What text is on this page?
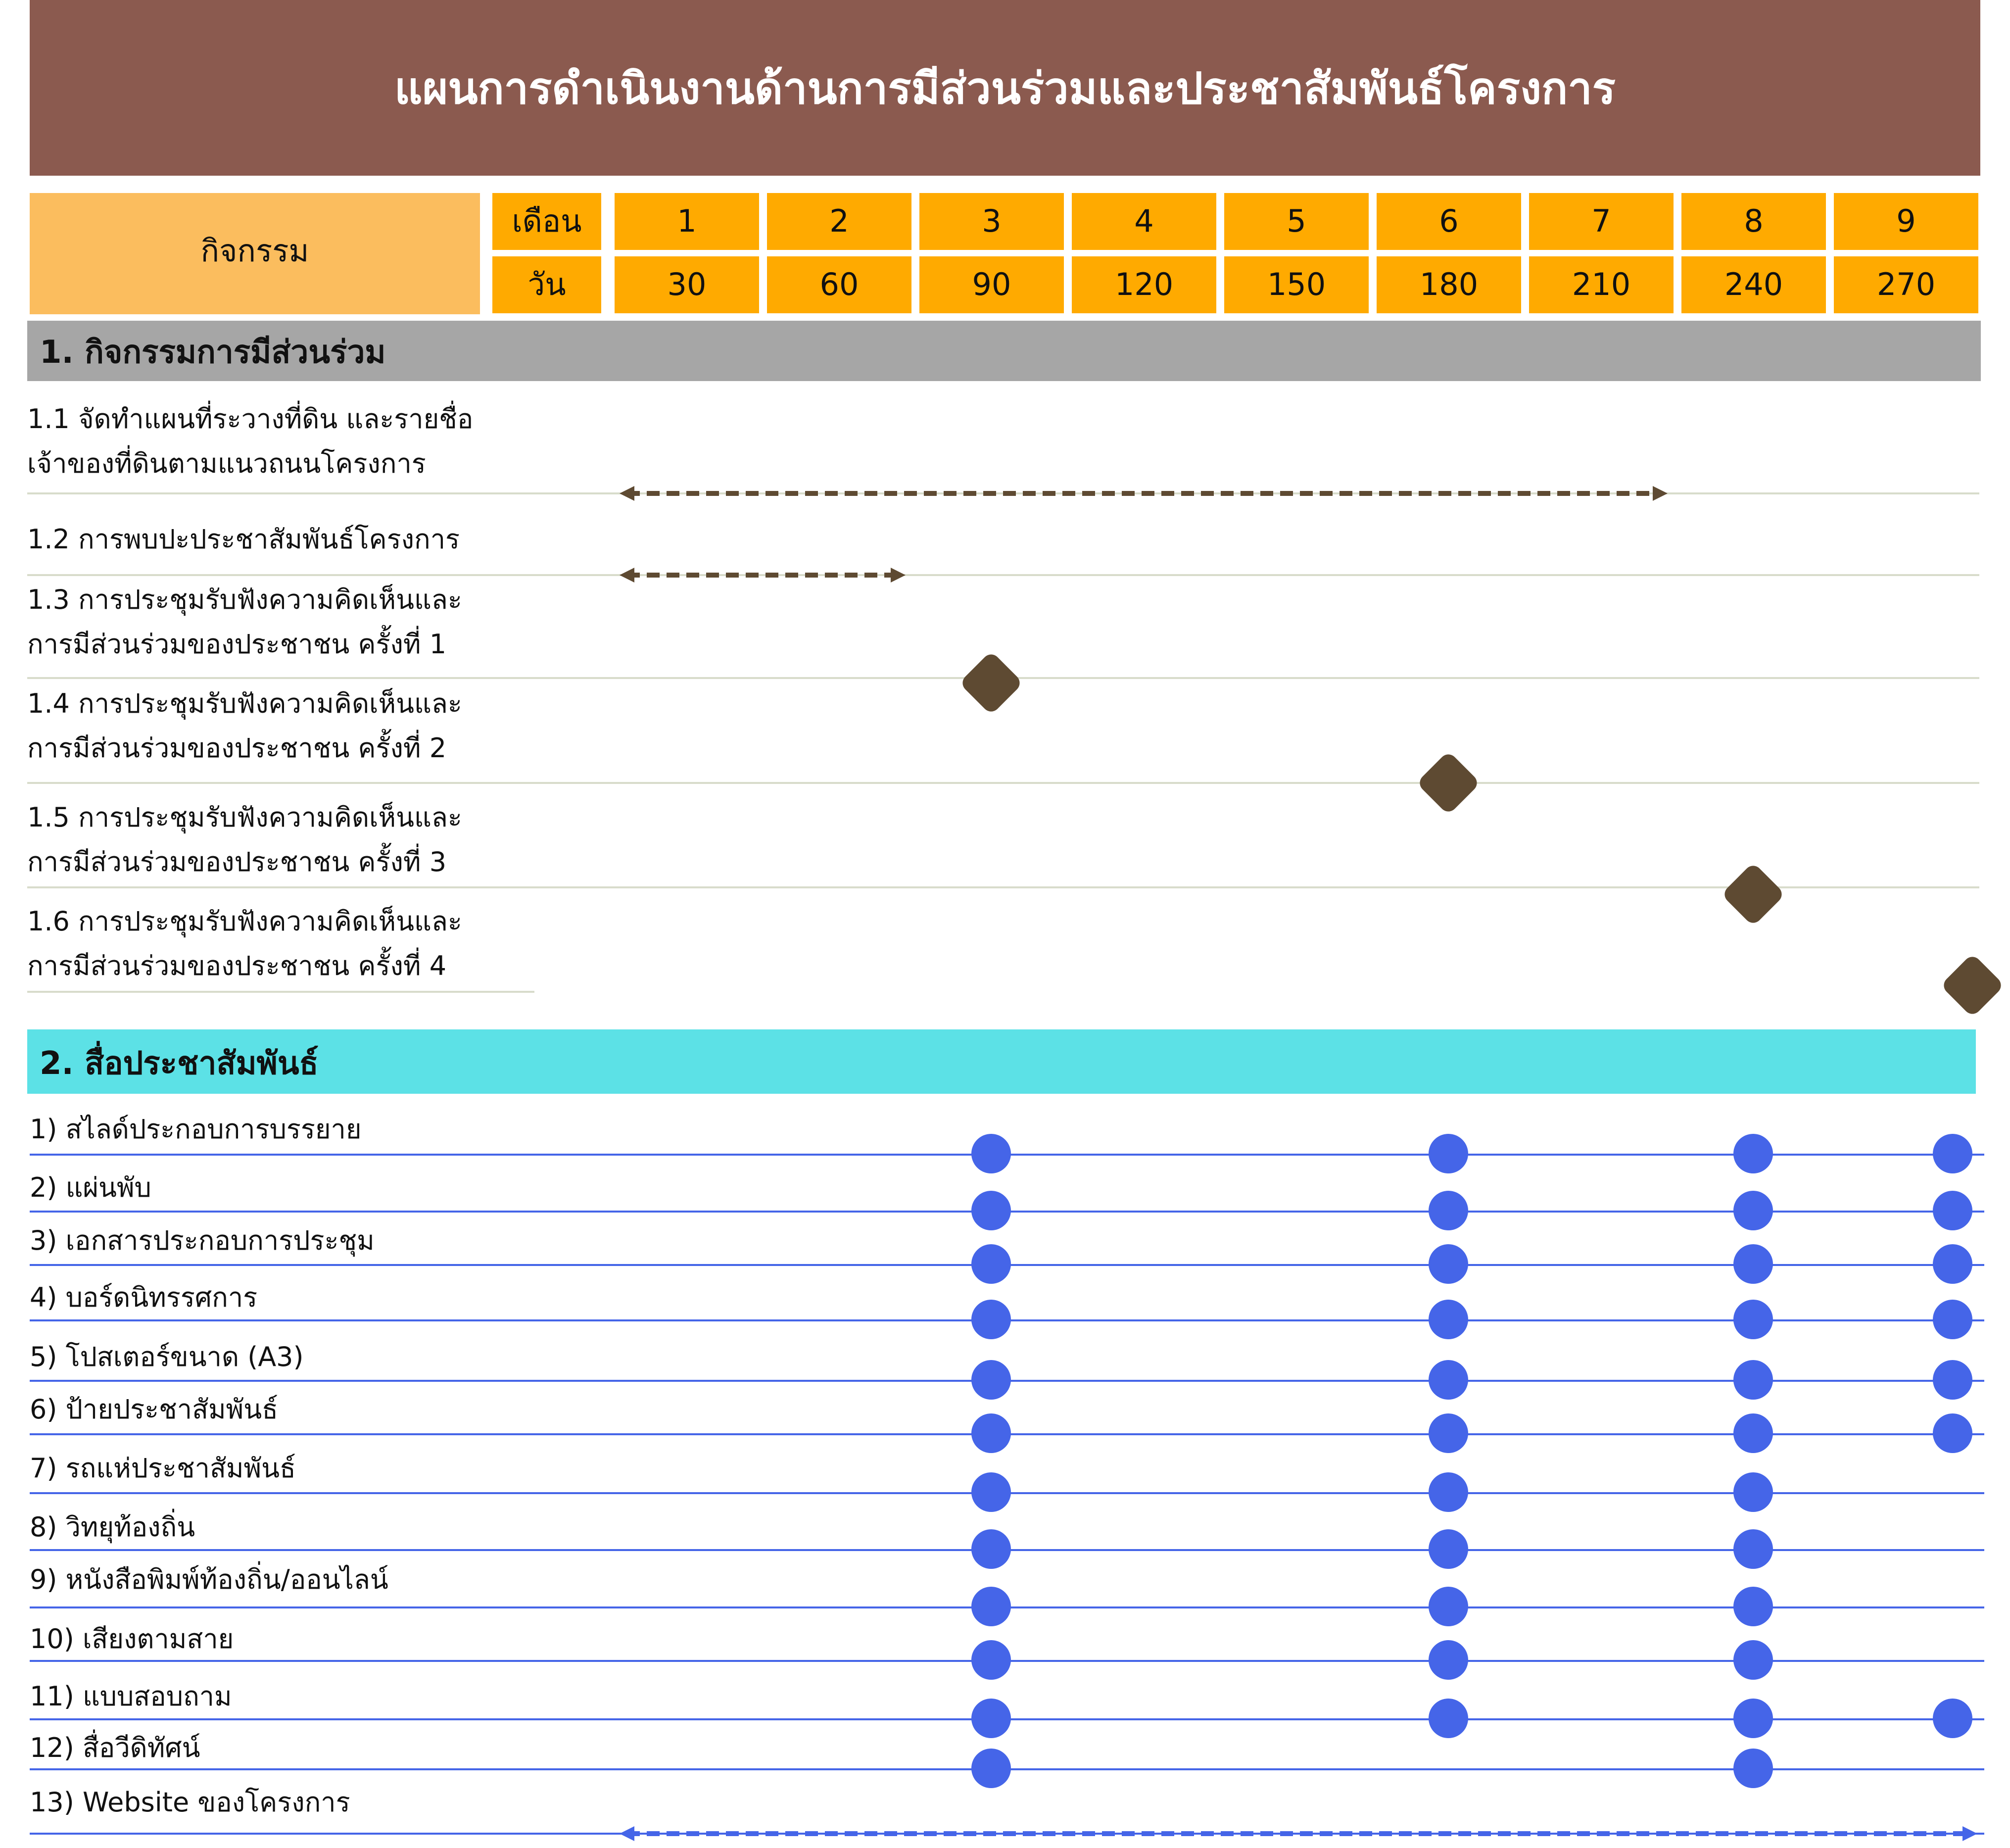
แผนการดำเนินงานด้านการมีส่วนร่วมและประชาสัมพันธ์โครงการ
กิจกรรม
เดือน	1	2	3	4	5	6	7	8	9
วัน	30	60	90	120	150	180	210	240	270
1. กิจกรรมการมีส่วนร่วม
1.1 จัดทำแผนที่ระวางที่ดิน และรายชื่อ
เจ้าของที่ดินตามแนวถนนโครงการ
1.2 การพบปะประชาสัมพันธ์โครงการ
1.3 การประชุมรับฟังความคิดเห็นและ
การมีส่วนร่วมของประชาชน ครั้งที่ 1
1.4 การประชุมรับฟังความคิดเห็นและ
การมีส่วนร่วมของประชาชน ครั้งที่ 2
1.5 การประชุมรับฟังความคิดเห็นและ
การมีส่วนร่วมของประชาชน ครั้งที่ 3
1.6 การประชุมรับฟังความคิดเห็นและ
การมีส่วนร่วมของประชาชน ครั้งที่ 4
2. สื่อประชาสัมพันธ์
1) สไลด์ประกอบการบรรยาย
2) แผ่นพับ
3) เอกสารประกอบการประชุม
4) บอร์ดนิทรรศการ
5) โปสเตอร์ขนาด (A3)
6) ป้ายประชาสัมพันธ์
7) รถแห่ประชาสัมพันธ์
8) วิทยุท้องถิ่น
9) หนังสือพิมพ์ท้องถิ่น/ออนไลน์
10) เสียงตามสาย
11) แบบสอบถาม
12) สื่อวีดิทัศน์
13) Website ของโครงการ
